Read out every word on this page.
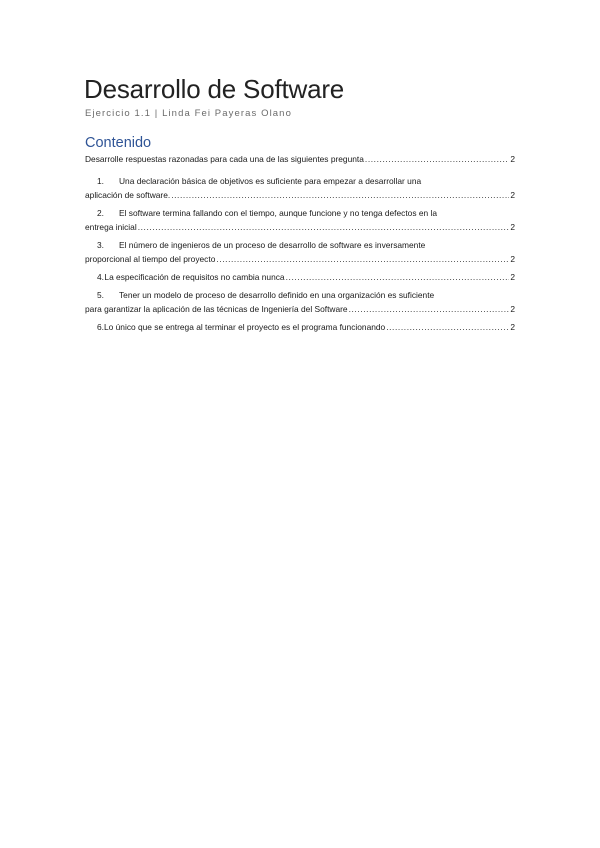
Desarrollo de Software
Ejercicio 1.1 | Linda Fei Payeras Olano
Contenido
Desarrolle respuestas razonadas para cada una de las siguientes pregunta .....	2
1. Una declaración básica de objetivos es suficiente para empezar a desarrollar una
aplicación de software. .....	2
2. El software termina fallando con el tiempo, aunque funcione y no tenga defectos en la
entrega inicial .....	2
3. El número de ingenieros de un proceso de desarrollo de software es inversamente
proporcional al tiempo del proyecto .....	2
4. La especificación de requisitos no cambia nunca .....	2
5. Tener un modelo de proceso de desarrollo definido en una organización es suficiente
para garantizar la aplicación de las técnicas de Ingeniería del Software .....	2
6. Lo único que se entrega al terminar el proyecto es el programa funcionando .....	2
